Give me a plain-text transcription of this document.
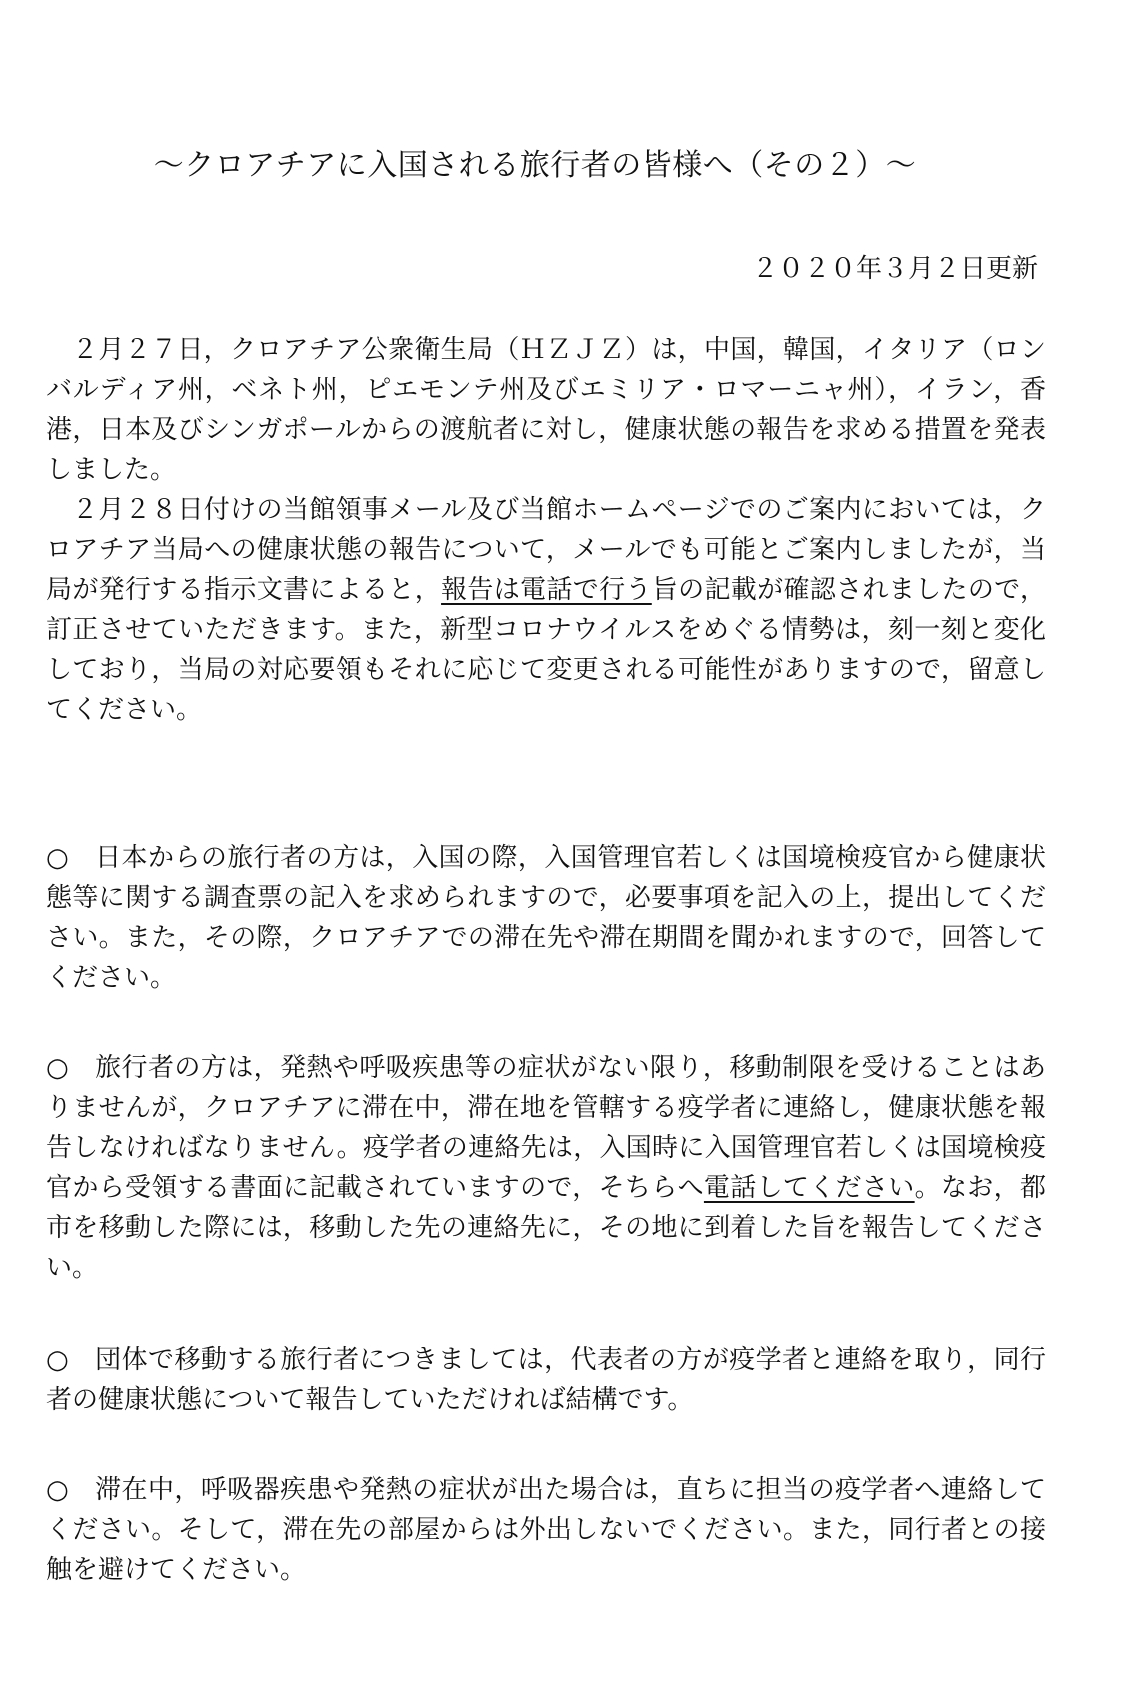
～クロアチアに入国される旅行者の皆様へ（その２）～
２０２０年３月２日更新

２月２７日，クロアチア公衆衛生局（ＨＺＪＺ）は，中国，韓国，イタリア（ロンバルディア州，ベネト州，ピエモンテ州及びエミリア・ロマーニャ州），イラン，香港，日本及びシンガポールからの渡航者に対し，健康状態の報告を求める措置を発表しました。

２月２８日付けの当館領事メール及び当館ホームページでのご案内においては，クロアチア当局への健康状態の報告について，メールでも可能とご案内しましたが，当局が発行する指示文書によると，報告は電話で行う旨の記載が確認されましたので，訂正させていただきます。また，新型コロナウイルスをめぐる情勢は，刻一刻と変化しており，当局の対応要領もそれに応じて変更される可能性がありますので，留意してください。

○ 日本からの旅行者の方は，入国の際，入国管理官若しくは国境検疫官から健康状態等に関する調査票の記入を求められますので，必要事項を記入の上，提出してください。また，その際，クロアチアでの滞在先や滞在期間を聞かれますので，回答してください。

○ 旅行者の方は，発熱や呼吸疾患等の症状がない限り，移動制限を受けることはありませんが，クロアチアに滞在中，滞在地を管轄する疫学者に連絡し，健康状態を報告しなければなりません。疫学者の連絡先は，入国時に入国管理官若しくは国境検疫官から受領する書面に記載されていますので，そちらへ電話してください。なお，都市を移動した際には，移動した先の連絡先に，その地に到着した旨を報告してください。

○ 団体で移動する旅行者につきましては，代表者の方が疫学者と連絡を取り，同行者の健康状態について報告していただければ結構です。

○ 滞在中，呼吸器疾患や発熱の症状が出た場合は，直ちに担当の疫学者へ連絡してください。そして，滞在先の部屋からは外出しないでください。また，同行者との接触を避けてください。
